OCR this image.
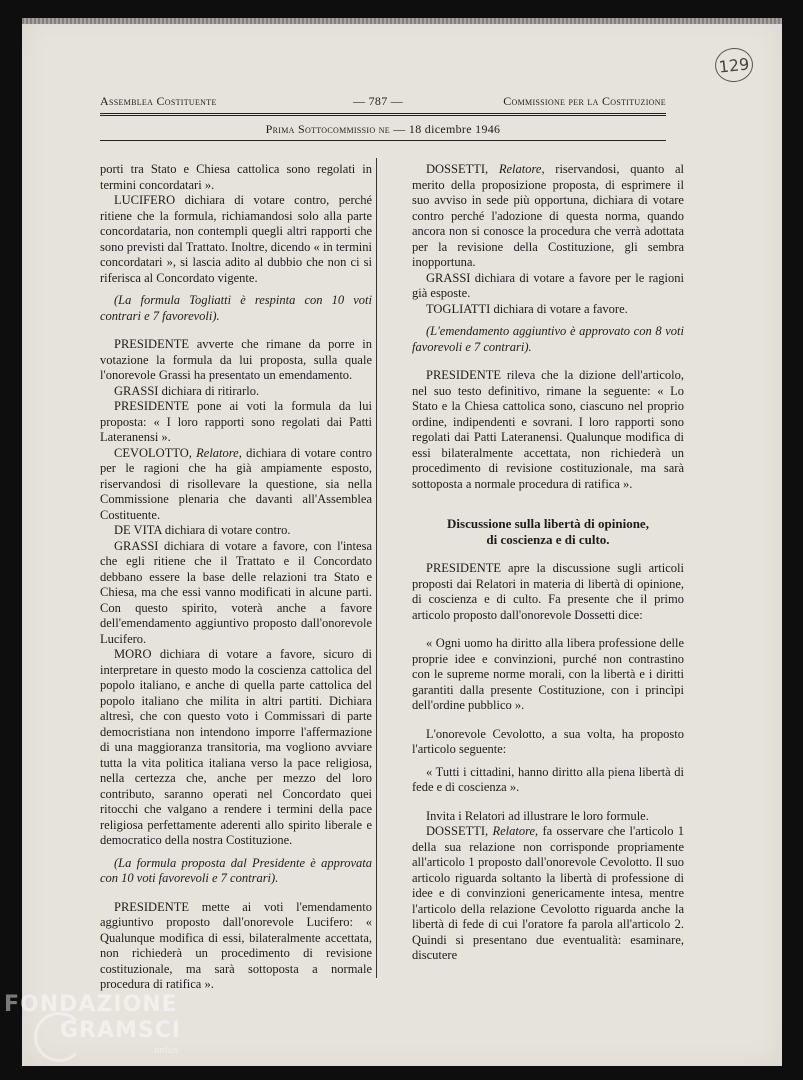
129
Assemblea Costituente	— 787 —	Commissione per la Costituzione
Prima Sottocommissio ne — 18 dicembre 1946

porti tra Stato e Chiesa cattolica sono regolati in termini concordatari ».

LUCIFERO dichiara di votare contro, perché ritiene che la formula, richiamandosi solo alla parte concordataria, non contempli quegli altri rapporti che sono previsti dal Trattato. Inoltre, dicendo « in termini concordatari », si lascia adito al dubbio che non ci si riferisca al Concordato vigente.

(La formula Togliatti è respinta con 10 voti contrari e 7 favorevoli).

PRESIDENTE avverte che rimane da porre in votazione la formula da lui proposta, sulla quale l'onorevole Grassi ha presentato un emendamento.

GRASSI dichiara di ritirarlo.

PRESIDENTE pone ai voti la formula da lui proposta: « I loro rapporti sono regolati dai Patti Lateranensi ».

CEVOLOTTO, Relatore, dichiara di votare contro per le ragioni che ha già ampiamente esposto, riservandosi di risollevare la questione, sia nella Commissione plenaria che davanti all'Assemblea Costituente.

DE VITA dichiara di votare contro.

GRASSI dichiara di votare a favore, con l'intesa che egli ritiene che il Trattato e il Concordato debbano essere la base delle relazioni tra Stato e Chiesa, ma che essi vanno modificati in alcune parti. Con questo spirito, voterà anche a favore dell'emendamento aggiuntivo proposto dall'onorevole Lucifero.

MORO dichiara di votare a favore, sicuro di interpretare in questo modo la coscienza cattolica del popolo italiano, e anche di quella parte cattolica del popolo italiano che milita in altri partiti. Dichiara altresì, che con questo voto i Commissari di parte democristiana non intendono imporre l'affermazione di una maggioranza transitoria, ma vogliono avviare tutta la vita politica italiana verso la pace religiosa, nella certezza che, anche per mezzo del loro contributo, saranno operati nel Concordato quei ritocchi che valgano a rendere i termini della pace religiosa perfettamente aderenti allo spirito liberale e democratico della nostra Costituzione.

(La formula proposta dal Presidente è approvata con 10 voti favorevoli e 7 contrari).

PRESIDENTE mette ai voti l'emendamento aggiuntivo proposto dall'onorevole Lucifero: « Qualunque modifica di essi, bilateralmente accettata, non richiederà un procedimento di revisione costituzionale, ma sarà sottoposta a normale procedura di ratifica ».

DOSSETTI, Relatore, riservandosi, quanto al merito della proposizione proposta, di esprimere il suo avviso in sede più opportuna, dichiara di votare contro perché l'adozione di questa norma, quando ancora non si conosce la procedura che verrà adottata per la revisione della Costituzione, gli sembra inopportuna.

GRASSI dichiara di votare a favore per le ragioni già esposte.

TOGLIATTI dichiara di votare a favore.

(L'emendamento aggiuntivo è approvato con 8 voti favorevoli e 7 contrari).

PRESIDENTE rileva che la dizione dell'articolo, nel suo testo definitivo, rimane la seguente: « Lo Stato e la Chiesa cattolica sono, ciascuno nel proprio ordine, indipendenti e sovrani. I loro rapporti sono regolati dai Patti Lateranensi. Qualunque modifica di essi bilateralmente accettata, non richiederà un procedimento di revisione costituzionale, ma sarà sottoposta a normale procedura di ratifica ».

Discussione sulla libertà di opinione,
di coscienza e di culto.

PRESIDENTE apre la discussione sugli articoli proposti dai Relatori in materia di libertà di opinione, di coscienza e di culto. Fa presente che il primo articolo proposto dall'onorevole Dossetti dice:

« Ogni uomo ha diritto alla libera professione delle proprie idee e convinzioni, purché non contrastino con le supreme norme morali, con la libertà e i diritti garantiti dalla presente Costituzione, con i princìpi dell'ordine pubblico ».

L'onorevole Cevolotto, a sua volta, ha proposto l'articolo seguente:

« Tutti i cittadini, hanno diritto alla piena libertà di fede e di coscienza ».

Invita i Relatori ad illustrare le loro formule.

DOSSETTI, Relatore, fa osservare che l'articolo 1 della sua relazione non corrisponde propriamente all'articolo 1 proposto dall'onorevole Cevolotto. Il suo articolo riguarda soltanto la libertà di professione di idee e di convinzioni genericamente intesa, mentre l'articolo della relazione Cevolotto riguarda anche la libertà di fede di cui l'oratore fa parola all'articolo 2. Quindi si presentano due eventualità: esaminare, discutere

FONDAZIONE
GRAMSCI
onlus
